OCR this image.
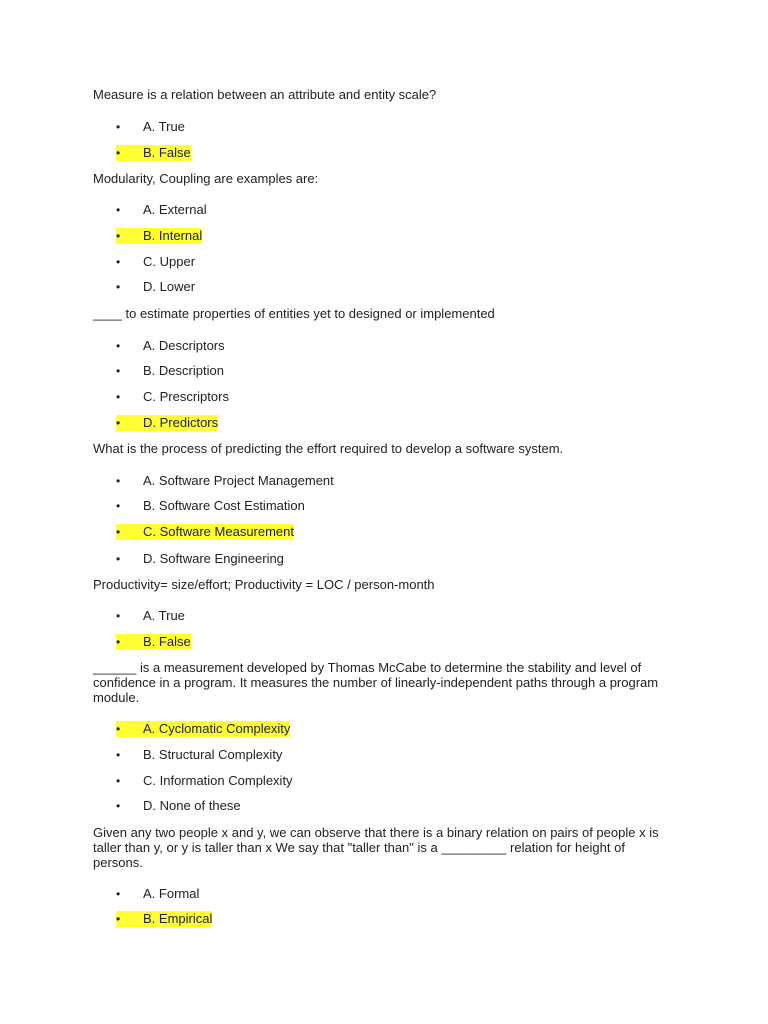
Measure is a relation between an attribute and entity scale?

• A. True
• B. False

Modularity, Coupling are examples are:

• A. External
• B. Internal
• C. Upper
• D. Lower

____ to estimate properties of entities yet to designed or implemented

• A. Descriptors
• B. Description
• C. Prescriptors
• D. Predictors

What is the process of predicting the effort required to develop a software system.

• A. Software Project Management
• B. Software Cost Estimation
• C. Software Measurement
• D. Software Engineering

Productivity= size/effort; Productivity = LOC / person-month

• A. True
• B. False

______ is a measurement developed by Thomas McCabe to determine the stability and level of confidence in a program. It measures the number of linearly-independent paths through a program module.

• A. Cyclomatic Complexity
• B. Structural Complexity
• C. Information Complexity
• D. None of these

Given any two people x and y, we can observe that there is a binary relation on pairs of people x is taller than y, or y is taller than x We say that "taller than" is a _________ relation for height of persons.

• A. Formal
• B. Empirical
